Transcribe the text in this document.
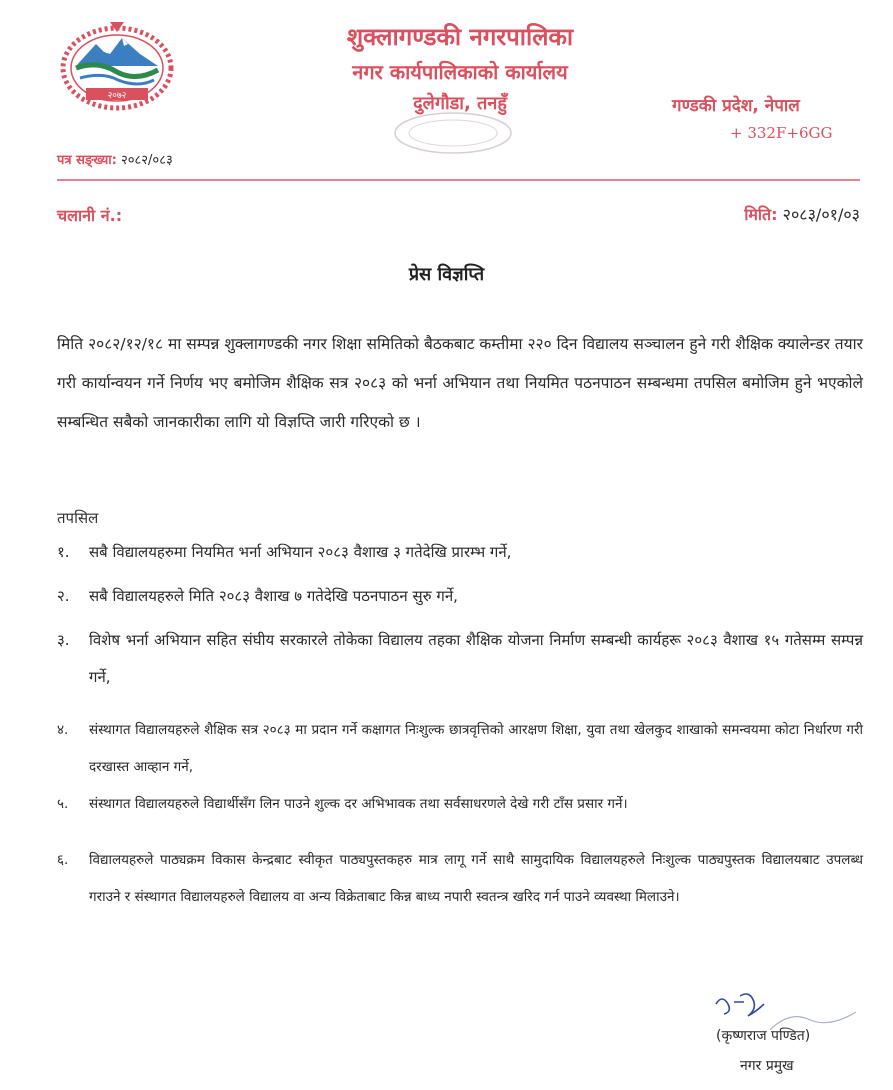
२०७२
शुक्लागण्डकी नगरपालिका
नगर कार्यपालिकाको कार्यालय
दुलेगौडा, तनहुँ	गण्डकी प्रदेश, नेपाल
+ 332F+6GG
पत्र सङ्ख्या: २०८२/०८३
चलानी नं.:	मिति: २०८३/०१/०३
प्रेस विज्ञप्ति
मिति २०८२/१२/१८ मा सम्पन्न शुक्लागण्डकी नगर शिक्षा समितिको बैठकबाट कम्तीमा २२० दिन विद्यालय सञ्चालन हुने गरी शैक्षिक क्यालेन्डर तयार गरी कार्यान्वयन गर्ने निर्णय भए बमोजिम शैक्षिक सत्र २०८३ को भर्ना अभियान तथा नियमित पठनपाठन सम्बन्धमा तपसिल बमोजिम हुने भएकोले सम्बन्धित सबैको जानकारीका लागि यो विज्ञप्ति जारी गरिएको छ ।
तपसिल
१.	सबै विद्यालयहरुमा नियमित भर्ना अभियान २०८३ वैशाख ३ गतेदेखि प्रारम्भ गर्ने,
२.	सबै विद्यालयहरुले मिति २०८३ वैशाख ७ गतेदेखि पठनपाठन सुरु गर्ने,
३.	विशेष भर्ना अभियान सहित संघीय सरकारले तोकेका विद्यालय तहका शैक्षिक योजना निर्माण सम्बन्धी कार्यहरू २०८३ वैशाख १५ गतेसम्म सम्पन्न गर्ने,
४.	संस्थागत विद्यालयहरुले शैक्षिक सत्र २०८३ मा प्रदान गर्ने कक्षागत निःशुल्क छात्रवृत्तिको आरक्षण शिक्षा, युवा तथा खेलकुद शाखाको समन्वयमा कोटा निर्धारण गरी दरखास्त आव्हान गर्ने,
५.	संस्थागत विद्यालयहरुले विद्यार्थीसँग लिन पाउने शुल्क दर अभिभावक तथा सर्वसाधरणले देखे गरी टाँस प्रसार गर्ने।
६.	विद्यालयहरुले पाठ्यक्रम विकास केन्द्रबाट स्वीकृत पाठ्यपुस्तकहरु मात्र लागू गर्ने साथै सामुदायिक विद्यालयहरुले निःशुल्क पाठ्यपुस्तक विद्यालयबाट उपलब्ध गराउने र संस्थागत विद्यालयहरुले विद्यालय वा अन्य विक्रेताबाट किन्न बाध्य नपारी स्वतन्त्र खरिद गर्न पाउने व्यवस्था मिलाउने।
(कृष्णराज पण्डित)
नगर प्रमुख
